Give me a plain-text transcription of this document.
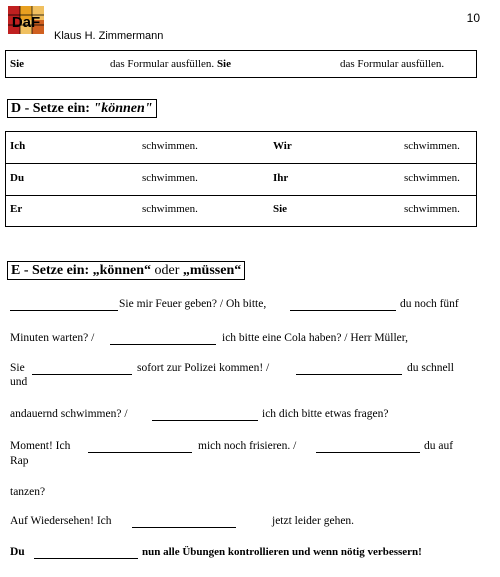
DaF
Klaus H. Zimmermann
10
Sie	das Formular ausfüllen. Sie	das Formular ausfüllen.
D - Setze ein: "können"
Ich	schwimmen.	Wir	schwimmen.
Du	schwimmen.	Ihr	schwimmen.
Er	schwimmen.	Sie	schwimmen.
E - Setze ein: „können“ oder „müssen“
Sie mir Feuer geben? / Oh bitte,	du noch fünf
Minuten warten? /	ich bitte eine Cola haben? / Herr Müller,
Sie	sofort zur Polizei kommen! /	du schnell
und
andauernd schwimmen? /	ich dich bitte etwas fragen?
Moment! Ich	mich noch frisieren. /	du auf
Rap
tanzen?
Auf Wiedersehen! Ich	jetzt leider gehen.
Du	nun alle Übungen kontrollieren und wenn nötig verbessern!
